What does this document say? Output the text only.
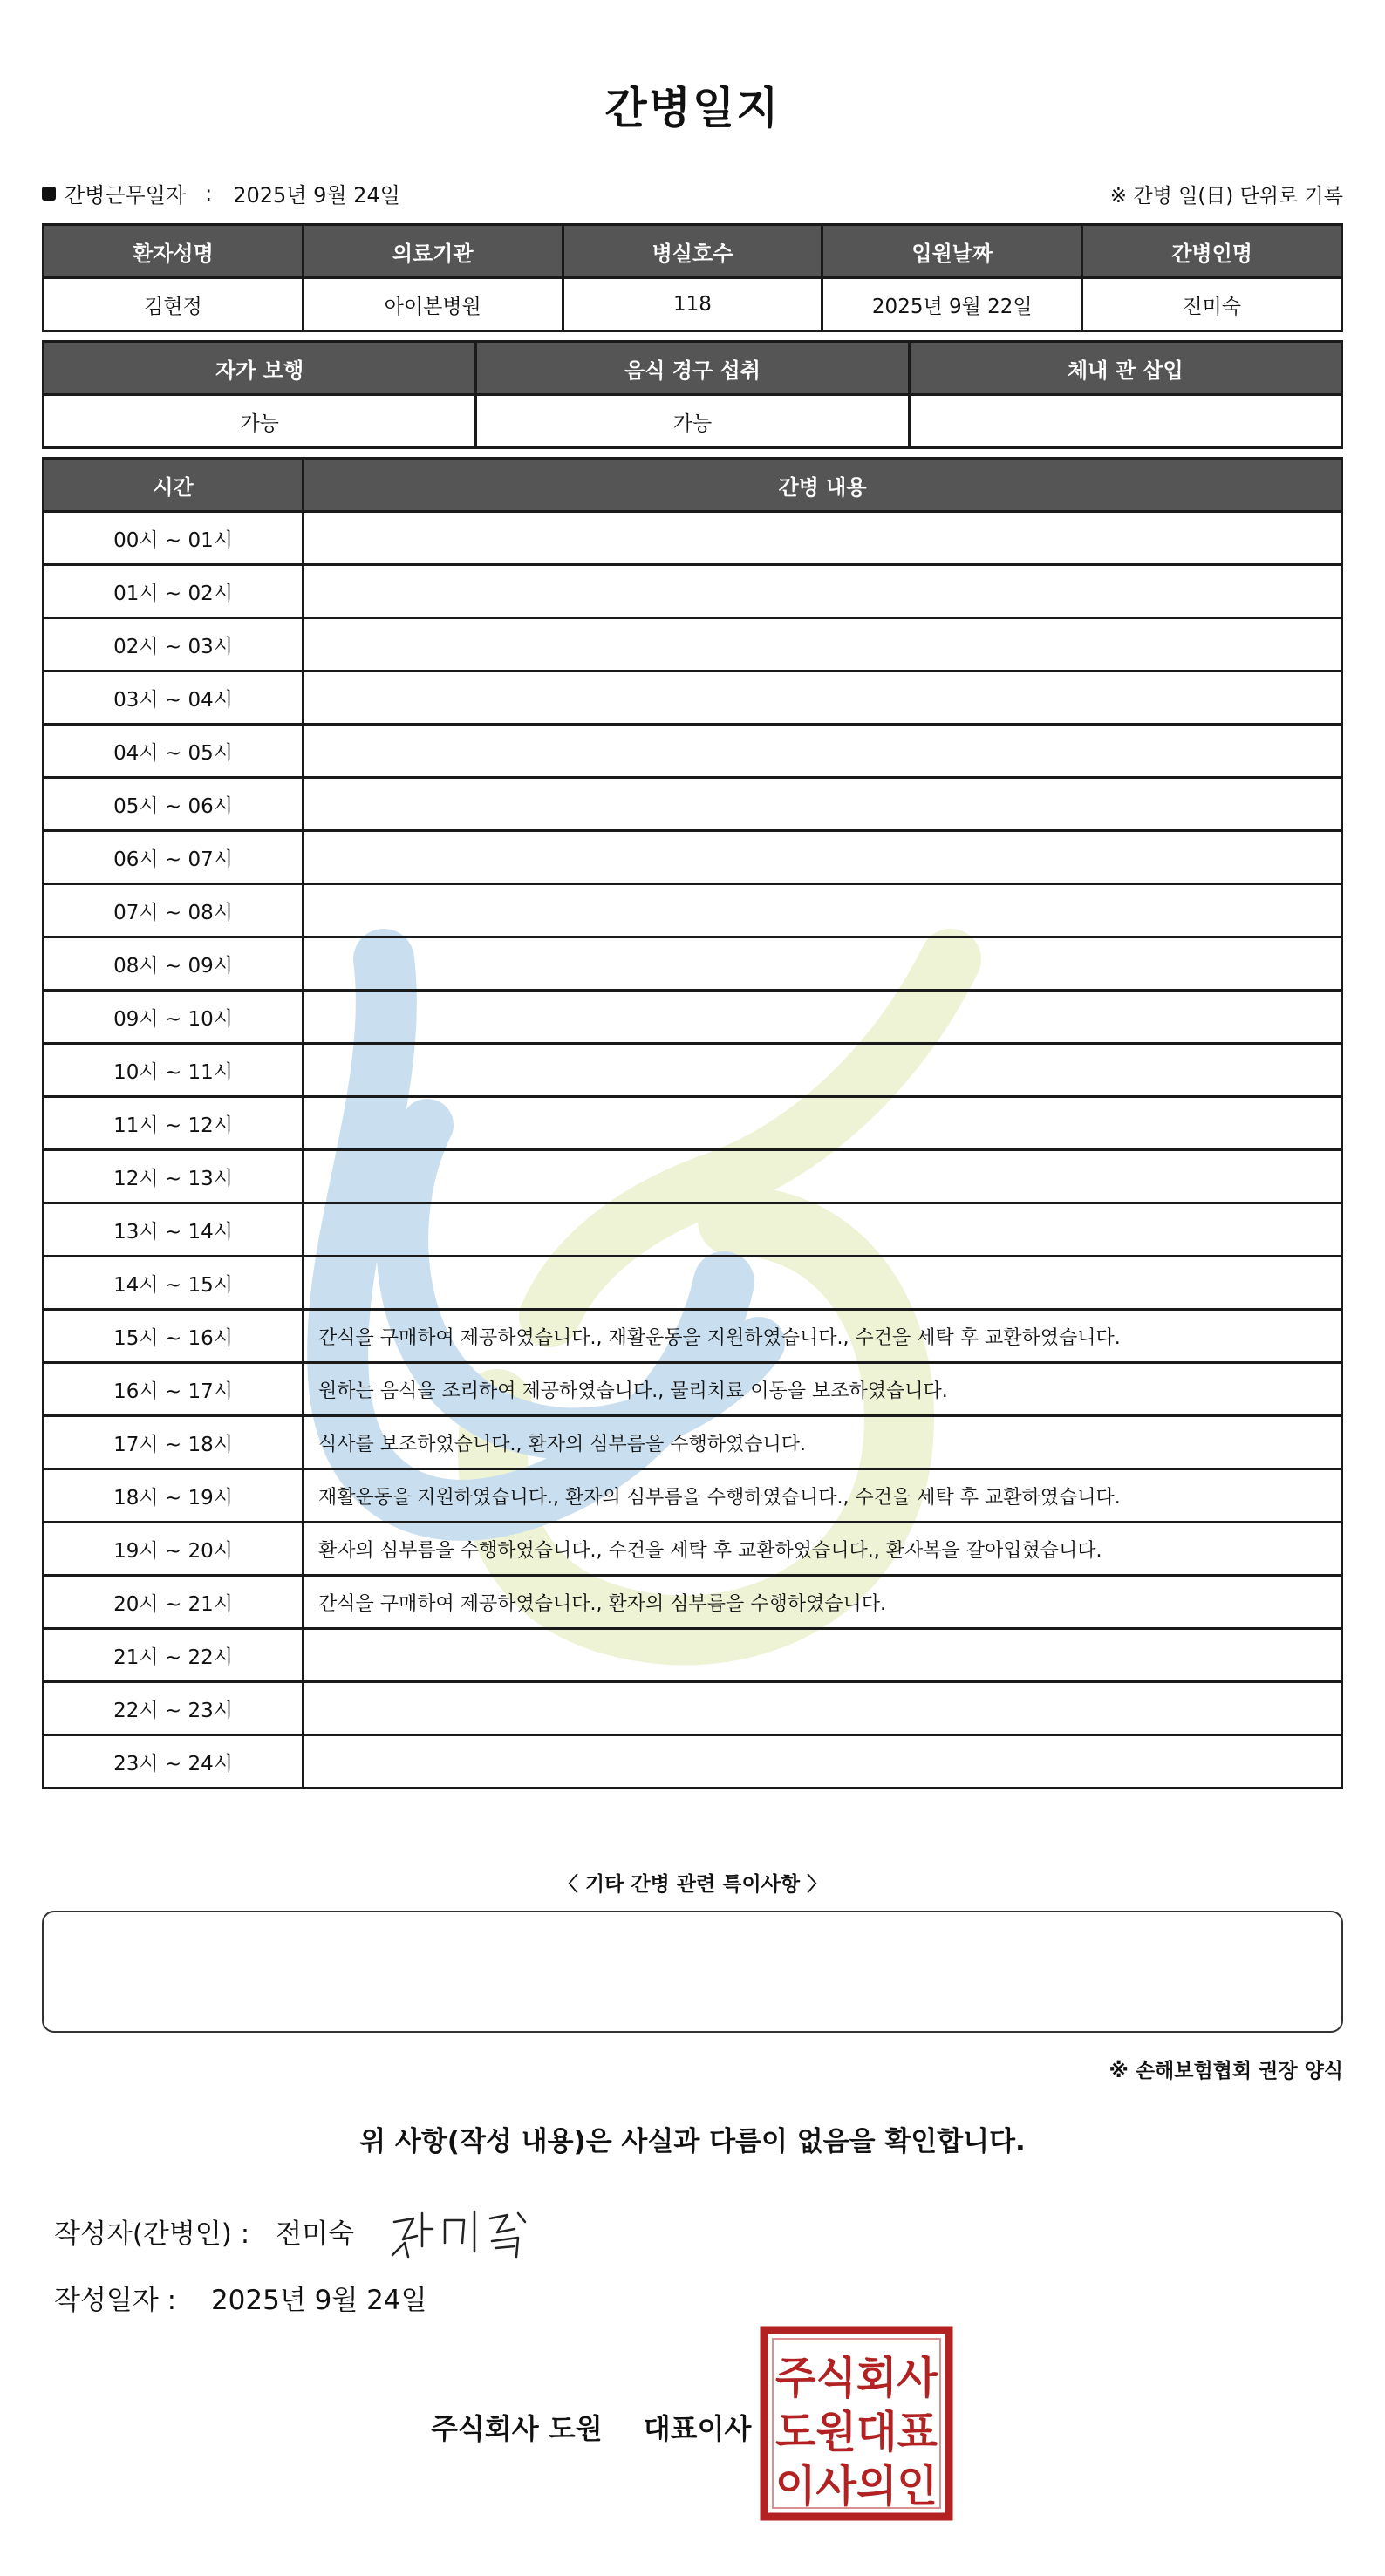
간병일지
간병근무일자 : 2025년 9월 24일	※ 간병 일(日) 단위로 기록
환자성명	의료기관	병실호수	입원날짜	간병인명
김현정	아이본병원	118	2025년 9월 22일	전미숙
자가 보행	음식 경구 섭취	체내 관 삽입
가능	가능	
시간	간병 내용
00시 ~ 01시	
01시 ~ 02시	
02시 ~ 03시	
03시 ~ 04시	
04시 ~ 05시	
05시 ~ 06시	
06시 ~ 07시	
07시 ~ 08시	
08시 ~ 09시	
09시 ~ 10시	
10시 ~ 11시	
11시 ~ 12시	
12시 ~ 13시	
13시 ~ 14시	
14시 ~ 15시	
15시 ~ 16시	간식을 구매하여 제공하였습니다., 재활운동을 지원하였습니다., 수건을 세탁 후 교환하였습니다.
16시 ~ 17시	원하는 음식을 조리하여 제공하였습니다., 물리치료 이동을 보조하였습니다.
17시 ~ 18시	식사를 보조하였습니다., 환자의 심부름을 수행하였습니다.
18시 ~ 19시	재활운동을 지원하였습니다., 환자의 심부름을 수행하였습니다., 수건을 세탁 후 교환하였습니다.
19시 ~ 20시	환자의 심부름을 수행하였습니다., 수건을 세탁 후 교환하였습니다., 환자복을 갈아입혔습니다.
20시 ~ 21시	간식을 구매하여 제공하였습니다., 환자의 심부름을 수행하였습니다.
21시 ~ 22시	
22시 ~ 23시	
23시 ~ 24시	
〈 기타 간병 관련 특이사항 〉
※ 손해보험협회 권장 양식
위 사항(작성 내용)은 사실과 다름이 없음을 확인합니다.
작성자(간병인) : 전미숙
작성일자 : 2025년 9월 24일
주식회사 도원 대표이사
주식회사
도원대표
이사의인
